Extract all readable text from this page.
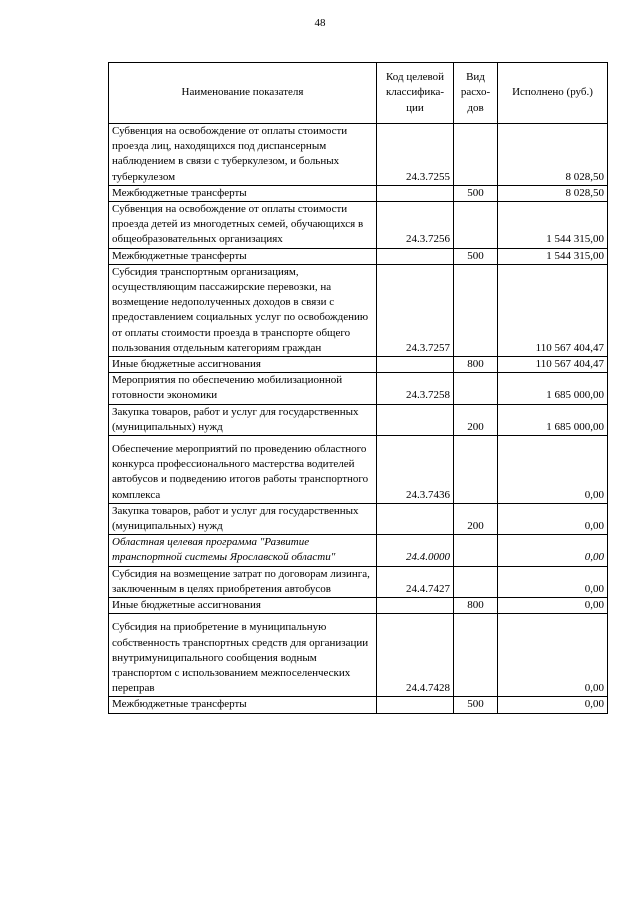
48
Наименование показателя	Код целевой классифика-ции	Вид расхо-дов	Исполнено (руб.)
Субвенция на освобождение от оплаты стоимости проезда лиц, находящихся под диспансерным наблюдением в связи с туберкулезом, и больных туберкулезом	24.3.7255		8 028,50
Межбюджетные трансферты		500	8 028,50
Субвенция на освобождение от оплаты стоимости проезда детей из многодетных семей, обучающихся в общеобразовательных организациях	24.3.7256		1 544 315,00
Межбюджетные трансферты		500	1 544 315,00
Субсидия транспортным организациям, осуществляющим пассажирские перевозки, на возмещение недополученных доходов в связи с предоставлением социальных услуг по освобождению от оплаты стоимости проезда в транспорте общего пользования отдельным категориям граждан	24.3.7257		110 567 404,47
Иные бюджетные ассигнования		800	110 567 404,47
Мероприятия по обеспечению мобилизационной готовности экономики	24.3.7258		1 685 000,00
Закупка товаров, работ и услуг для государственных (муниципальных) нужд		200	1 685 000,00
Обеспечение мероприятий по проведению областного конкурса профессионального мастерства водителей автобусов и подведению итогов работы транспортного комплекса	24.3.7436		0,00
Закупка товаров, работ и услуг для государственных (муниципальных) нужд		200	0,00
Областная целевая программа "Развитие транспортной системы Ярославской области"	24.4.0000		0,00
Субсидия на возмещение затрат по договорам лизинга, заключенным в целях приобретения автобусов	24.4.7427		0,00
Иные бюджетные ассигнования		800	0,00
Субсидия на приобретение в муниципальную собственность транспортных средств для организации внутримуниципального сообщения водным транспортом с использованием межпоселенческих переправ	24.4.7428		0,00
Межбюджетные трансферты		500	0,00
